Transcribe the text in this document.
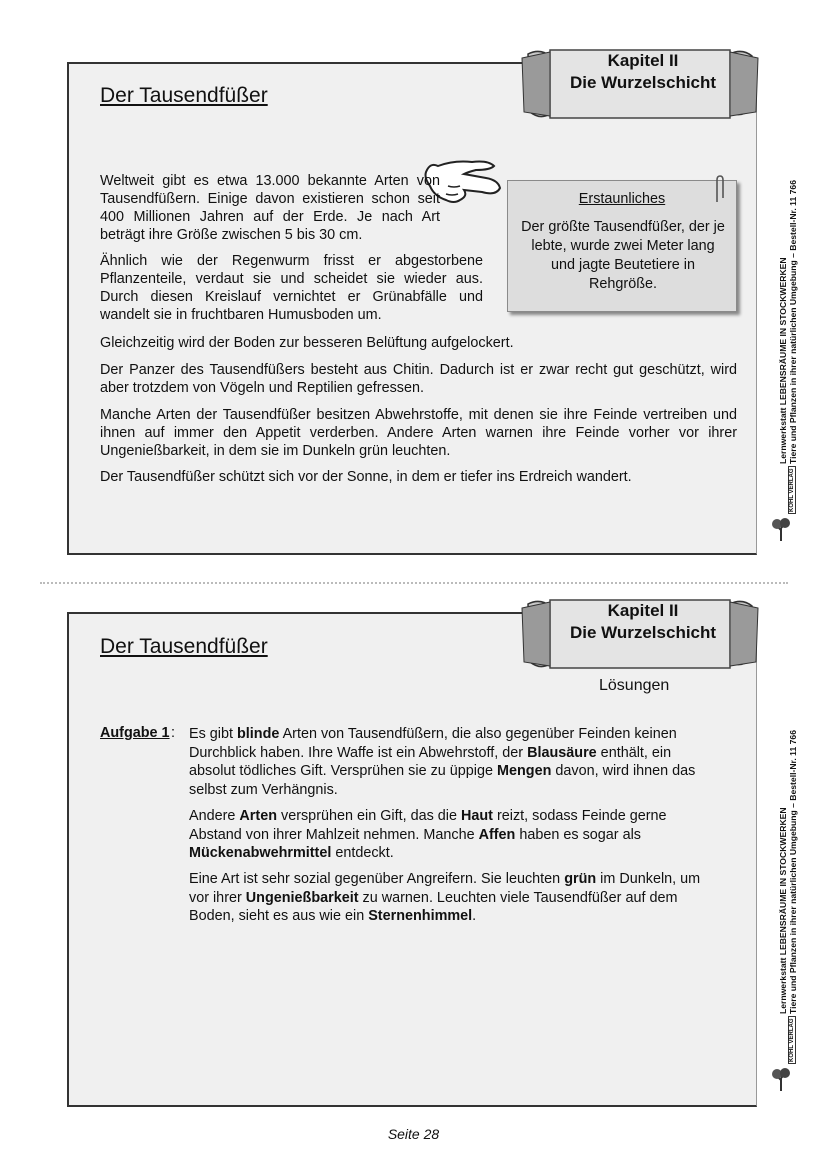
Der Tausendfüßer
Kapitel II
Die Wurzelschicht

Weltweit gibt es etwa 13.000 bekannte Arten von Tausendfüßern. Einige davon existieren schon seit 400 Millionen Jahren auf der Erde. Je nach Art beträgt ihre Größe zwischen 5 bis 30 cm.

Ähnlich wie der Regenwurm frisst er abgestorbene Pflanzenteile, verdaut sie und scheidet sie wieder aus. Durch diesen Kreislauf vernichtet er Grünabfälle und wandelt sie in fruchtbaren Humusboden um.

Gleichzeitig wird der Boden zur besseren Belüftung aufgelockert.

Der Panzer des Tausendfüßers besteht aus Chitin. Dadurch ist er zwar recht gut geschützt, wird aber trotzdem von Vögeln und Reptilien gefressen.

Manche Arten der Tausendfüßer besitzen Abwehrstoffe, mit denen sie ihre Feinde vertreiben und ihnen auf immer den Appetit verderben. Andere Arten warnen ihre Feinde vorher vor ihrer Ungenießbarkeit, in dem sie im Dunkeln grün leuchten.

Der Tausendfüßer schützt sich vor der Sonne, in dem er tiefer ins Erdreich wandert.

Erstaunliches
Der größte Tausendfüßer, der je lebte, wurde zwei Meter lang und jagte Beutetiere in Rehgröße.	Lernwerkstatt LEBENSRÄUME IN STOCKWERKEN Tiere und Pflanzen in ihrer natürlichen Umgebung – Bestell-Nr. 11 766
KOHL VERLAG
Der Tausendfüßer
Kapitel II
Die Wurzelschicht
Lösungen
Aufgabe 1 : Es gibt blinde Arten von Tausendfüßern, die also gegenüber Feinden keinen Durchblick haben. Ihre Waffe ist ein Abwehrstoff, der Blausäure enthält, ein absolut tödliches Gift. Versprühen sie zu üppige Mengen davon, wird ihnen das selbst zum Verhängnis.

Andere Arten versprühen ein Gift, das die Haut reizt, sodass Feinde gerne Abstand von ihrer Mahlzeit nehmen. Manche Affen haben es sogar als Mückenabwehrmittel entdeckt.

Eine Art ist sehr sozial gegenüber Angreifern. Sie leuchten grün im Dunkeln, um vor ihrer Ungenießbarkeit zu warnen. Leuchten viele Tausendfüßer auf dem Boden, sieht es aus wie ein Sternenhimmel.	Lernwerkstatt LEBENSRÄUME IN STOCKWERKEN Tiere und Pflanzen in ihrer natürlichen Umgebung – Bestell-Nr. 11 766
KOHL VERLAG
Seite 28
